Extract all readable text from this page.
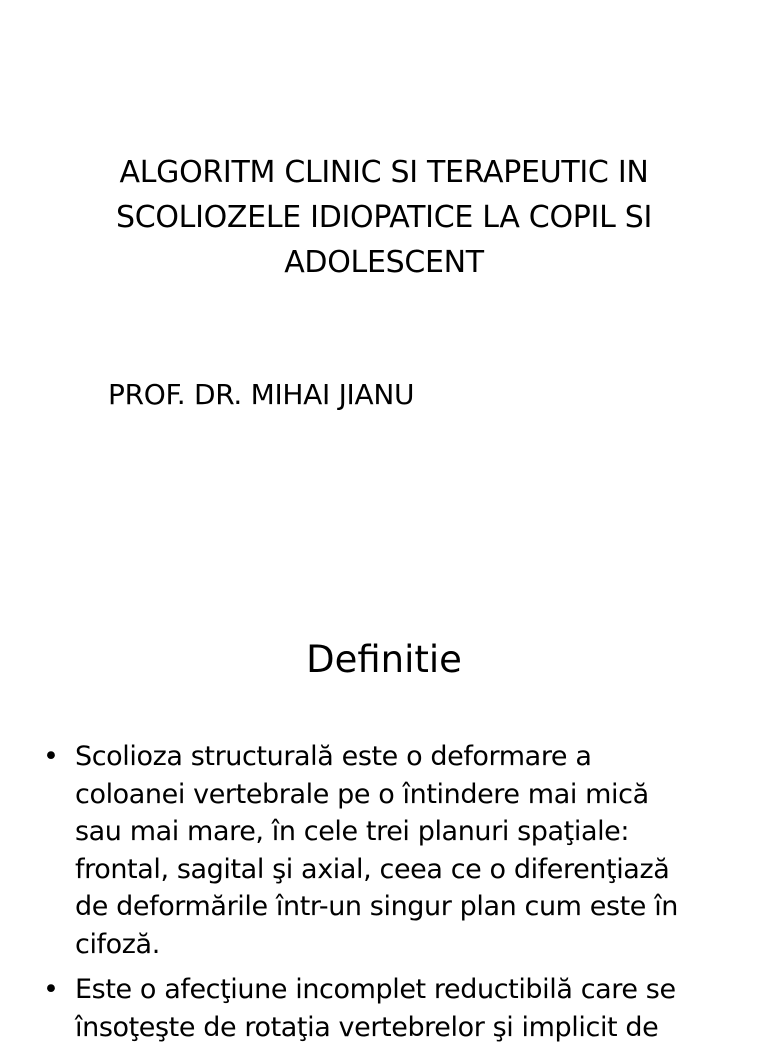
ALGORITM CLINIC SI TERAPEUTIC IN
SCOLIOZELE IDIOPATICE LA COPIL SI
ADOLESCENT
PROF. DR. MIHAI JIANU
Definitie
• Scolioza structurală este o deformare a
coloanei vertebrale pe o întindere mai mică
sau mai mare, în cele trei planuri spaţiale:
frontal, sagital şi axial, ceea ce o diferenţiază
de deformările într-un singur plan cum este în
cifoză.
• Este o afecţiune incomplet reductibilă care se
însoţeşte de rotaţia vertebrelor şi implicit de
